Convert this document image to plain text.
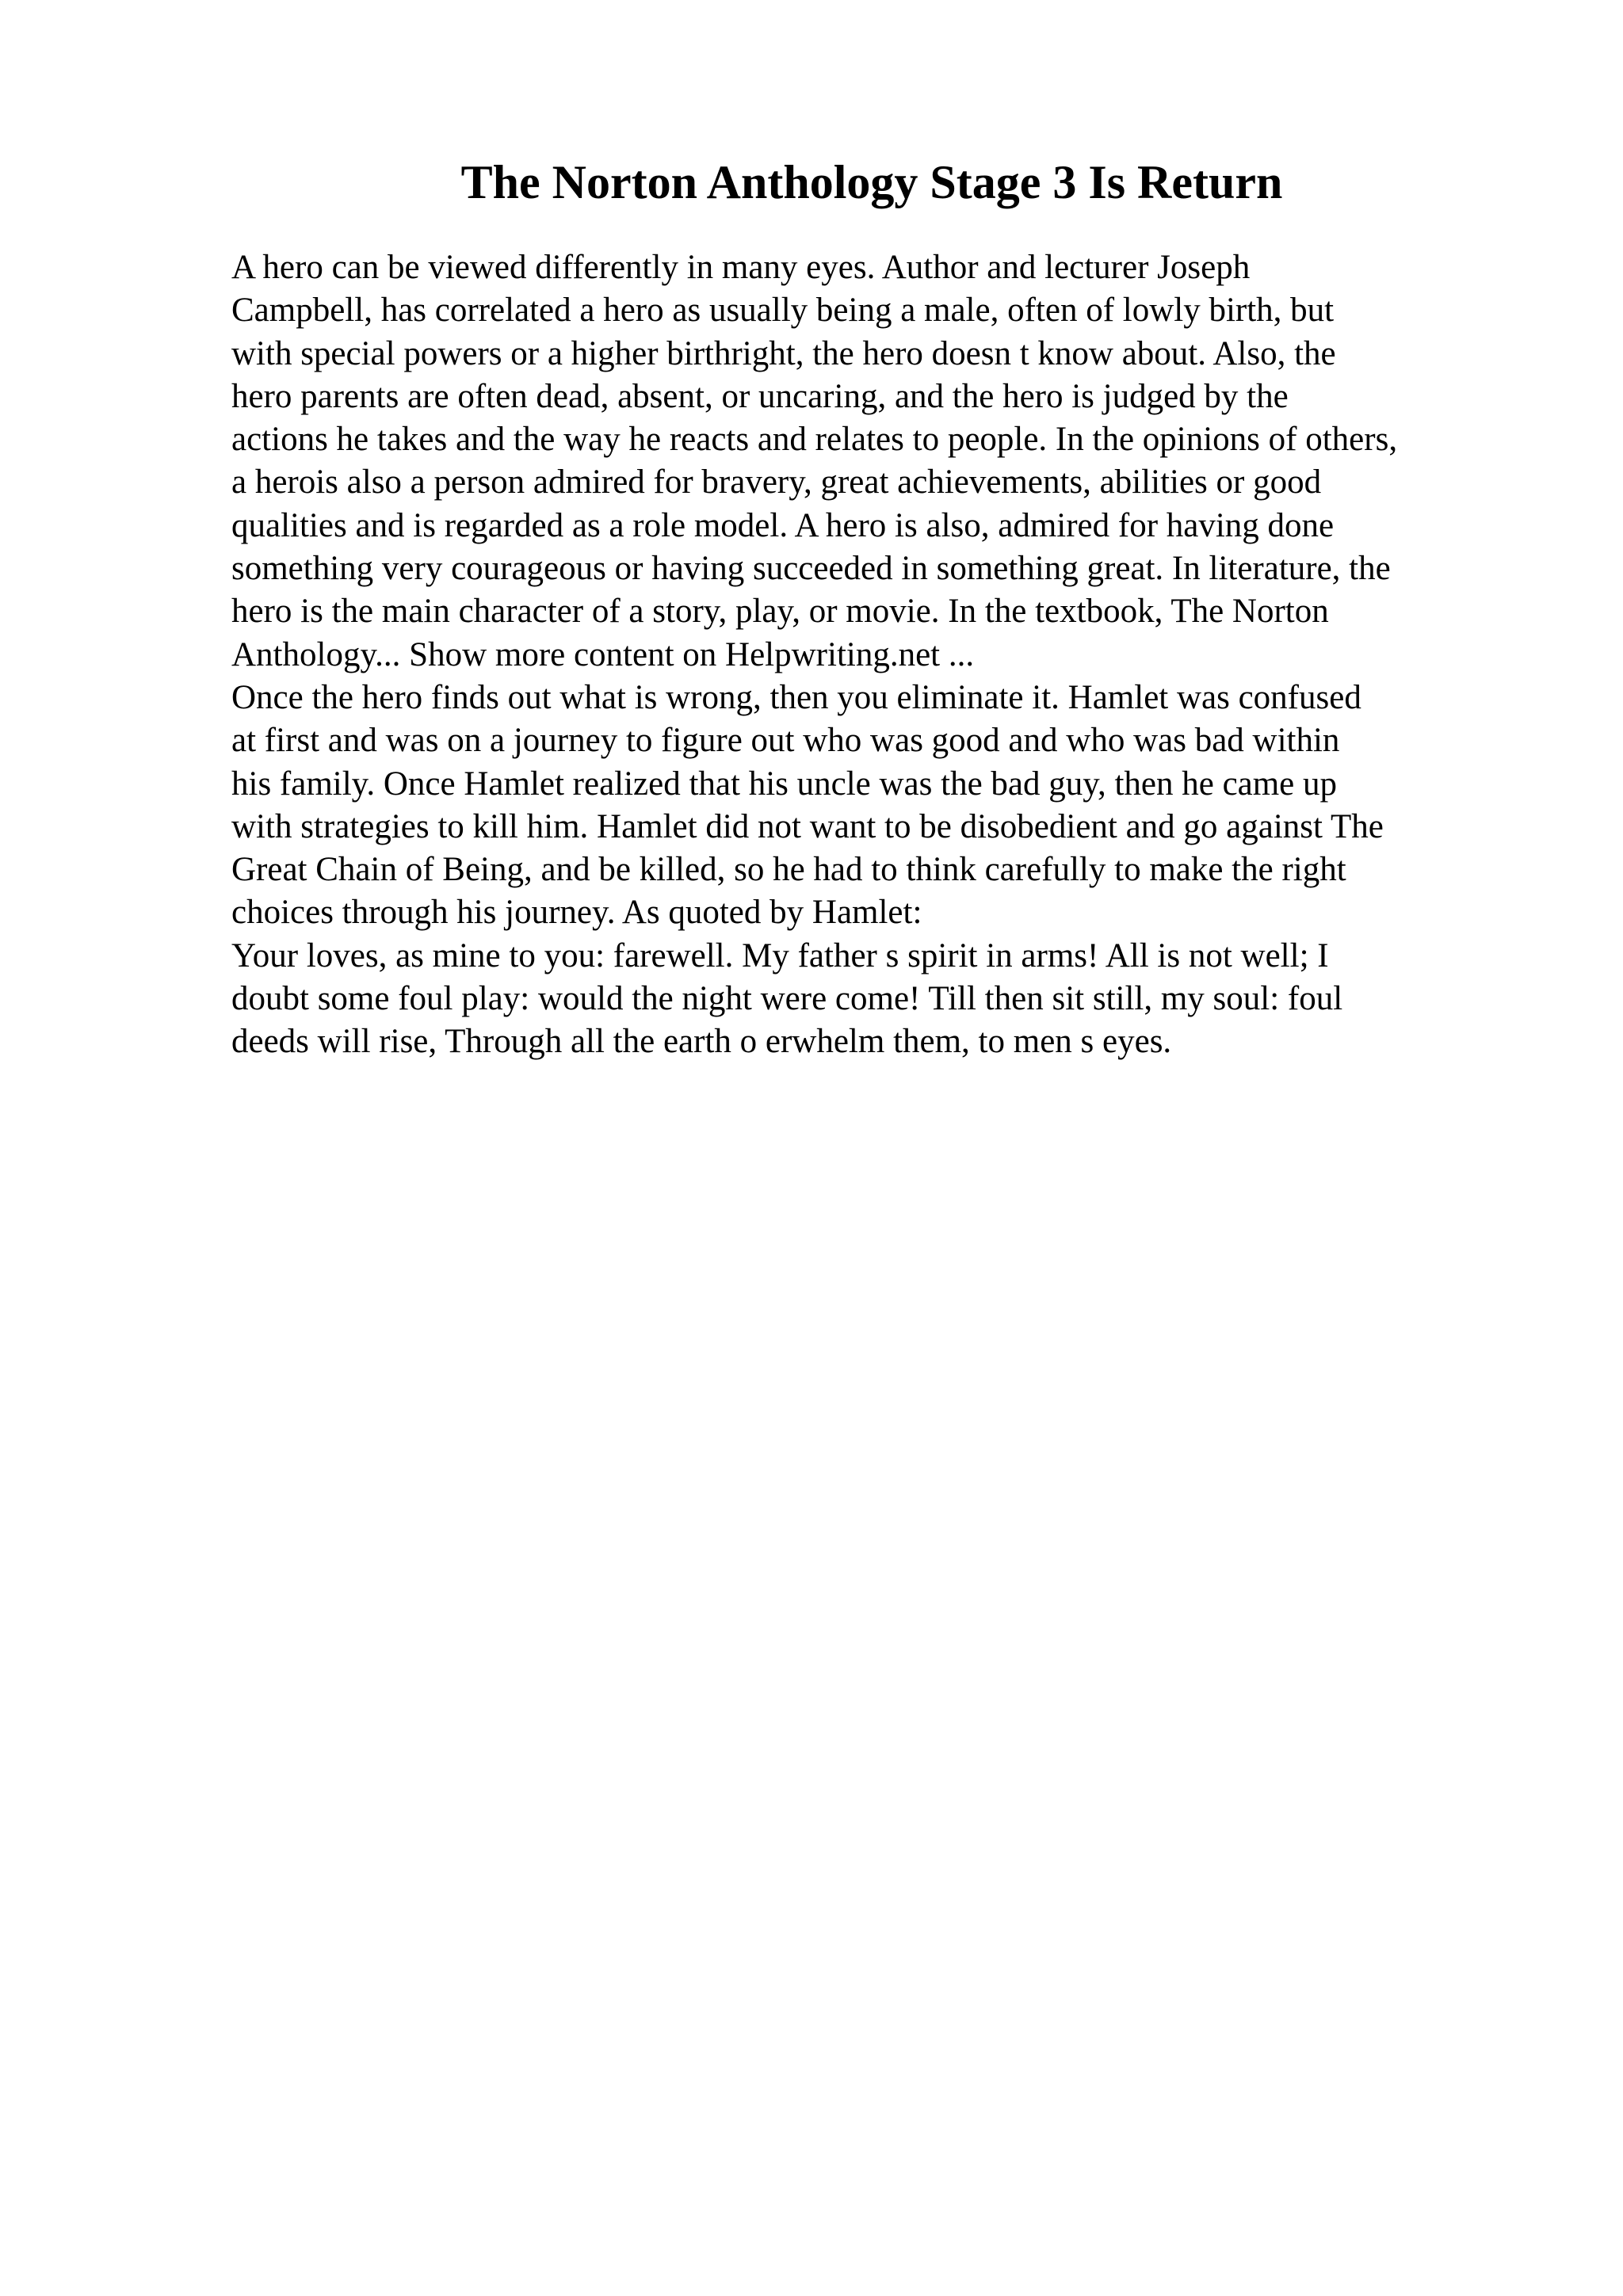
The Norton Anthology Stage 3 Is Return
A hero can be viewed differently in many eyes. Author and lecturer Joseph
Campbell, has correlated a hero as usually being a male, often of lowly birth, but
with special powers or a higher birthright, the hero doesn t know about. Also, the
hero parents are often dead, absent, or uncaring, and the hero is judged by the
actions he takes and the way he reacts and relates to people. In the opinions of others,
a herois also a person admired for bravery, great achievements, abilities or good
qualities and is regarded as a role model. A hero is also, admired for having done
something very courageous or having succeeded in something great. In literature, the
hero is the main character of a story, play, or movie. In the textbook, The Norton
Anthology... Show more content on Helpwriting.net ...
Once the hero finds out what is wrong, then you eliminate it. Hamlet was confused
at first and was on a journey to figure out who was good and who was bad within
his family. Once Hamlet realized that his uncle was the bad guy, then he came up
with strategies to kill him. Hamlet did not want to be disobedient and go against The
Great Chain of Being, and be killed, so he had to think carefully to make the right
choices through his journey. As quoted by Hamlet:
Your loves, as mine to you: farewell. My father s spirit in arms! All is not well; I
doubt some foul play: would the night were come! Till then sit still, my soul: foul
deeds will rise, Through all the earth o erwhelm them, to men s eyes.
